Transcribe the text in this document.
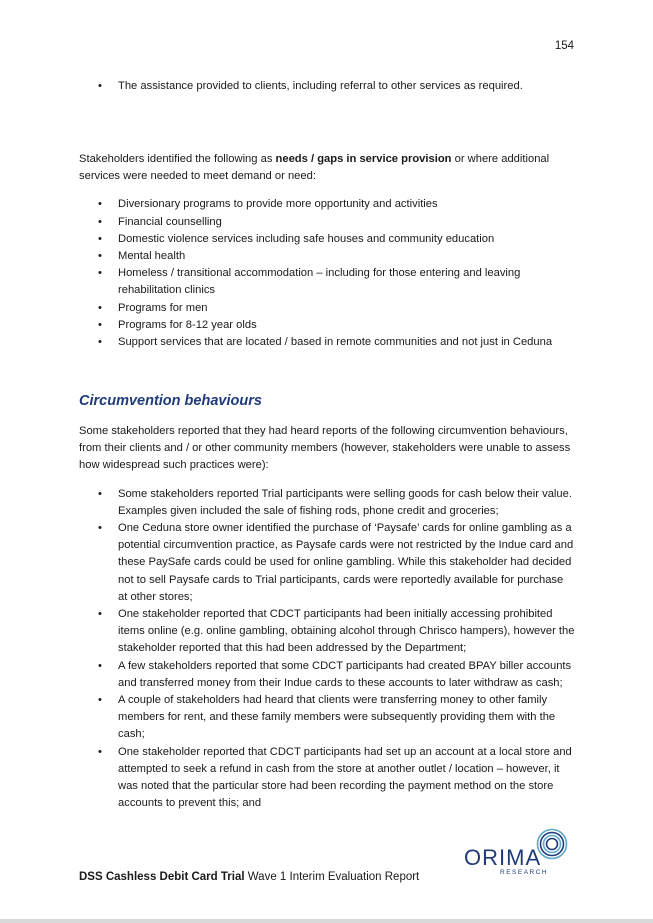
154
• The assistance provided to clients, including referral to other services as required.

Stakeholders identified the following as needs / gaps in service provision or where additional services were needed to meet demand or need:

• Diversionary programs to provide more opportunity and activities
• Financial counselling
• Domestic violence services including safe houses and community education
• Mental health
• Homeless / transitional accommodation – including for those entering and leaving rehabilitation clinics
• Programs for men
• Programs for 8-12 year olds
• Support services that are located / based in remote communities and not just in Ceduna
Circumvention behaviours

Some stakeholders reported that they had heard reports of the following circumvention behaviours, from their clients and / or other community members (however, stakeholders were unable to assess how widespread such practices were):

• Some stakeholders reported Trial participants were selling goods for cash below their value. Examples given included the sale of fishing rods, phone credit and groceries;
• One Ceduna store owner identified the purchase of ‘Paysafe’ cards for online gambling as a potential circumvention practice, as Paysafe cards were not restricted by the Indue card and these PaySafe cards could be used for online gambling. While this stakeholder had decided not to sell Paysafe cards to Trial participants, cards were reportedly available for purchase at other stores;
• One stakeholder reported that CDCT participants had been initially accessing prohibited items online (e.g. online gambling, obtaining alcohol through Chrisco hampers), however the stakeholder reported that this had been addressed by the Department;
• A few stakeholders reported that some CDCT participants had created BPAY biller accounts and transferred money from their Indue cards to these accounts to later withdraw as cash;
• A couple of stakeholders had heard that clients were transferring money to other family members for rent, and these family members were subsequently providing them with the cash;
• One stakeholder reported that CDCT participants had set up an account at a local store and attempted to seek a refund in cash from the store at another outlet / location – however, it was noted that the particular store had been recording the payment method on the store accounts to prevent this; and
DSS Cashless Debit Card Trial Wave 1 Interim Evaluation Report
ORIMA
RESEARCH
